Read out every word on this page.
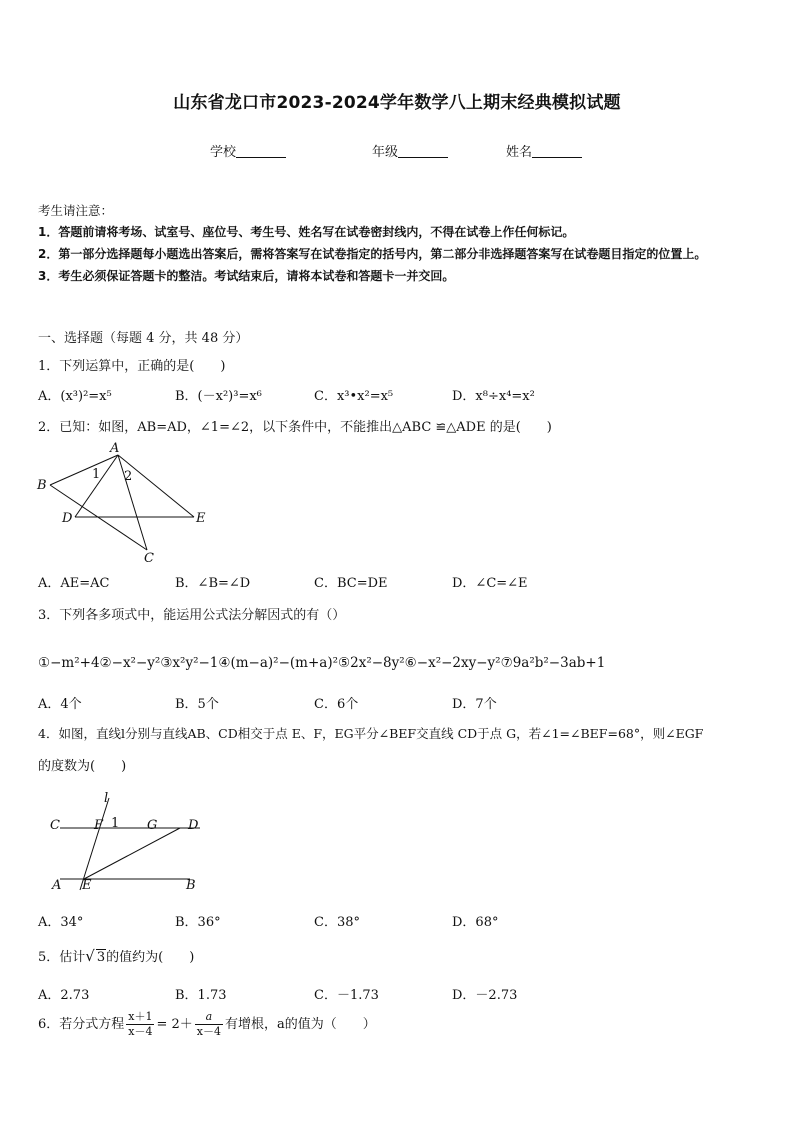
山东省龙口市2023-2024学年数学八上期末经典模拟试题
学校	年级	姓名
考生请注意：
1．答题前请将考场、试室号、座位号、考生号、姓名写在试卷密封线内，不得在试卷上作任何标记。
2．第一部分选择题每小题选出答案后，需将答案写在试卷指定的括号内，第二部分非选择题答案写在试卷题目指定的位置上。
3．考生必须保证答题卡的整洁。考试结束后，请将本试卷和答题卡一并交回。
一、选择题（每题 4 分，共 48 分）
1．下列运算中，正确的是(　　)
A．(x³)²=x⁵	B．(－x²)³=x⁶	C．x³•x²=x⁵	D．x⁸÷x⁴=x²
2．已知：如图，AB=AD，∠1=∠2，以下条件中，不能推出△ABC ≌△ADE 的是(　　)
A
B
C
D	E
1 2
A．AE=AC	B．∠B=∠D	C．BC=DE	D．∠C=∠E
3．下列各多项式中，能运用公式法分解因式的有（）
①−m²+4②−x²−y²③x²y²−1④(m−a)²−(m+a)²⑤2x²−8y²⑥−x²−2xy−y²⑦9a²b²−3ab+1
A．4个	B．5个	C．6个	D．7个
4．如图，直线l分别与直线AB、CD相交于点 E、F，EG平分∠BEF交直线 CD于点 G，若∠1=∠BEF=68°，则∠EGF
的度数为(　　)
l
C	F 1 G D
A E	B
A．34°	B．36°	C．38°	D．68°
5．估计√ 3的值约为(　　)
A．2.73	B．1.73	C．－1.73	D．－2.73
6．若分式方程 $\frac{x+1}{x-4} = 2+ \frac{a}{x-4}$ 有增根，a的值为（　　）
